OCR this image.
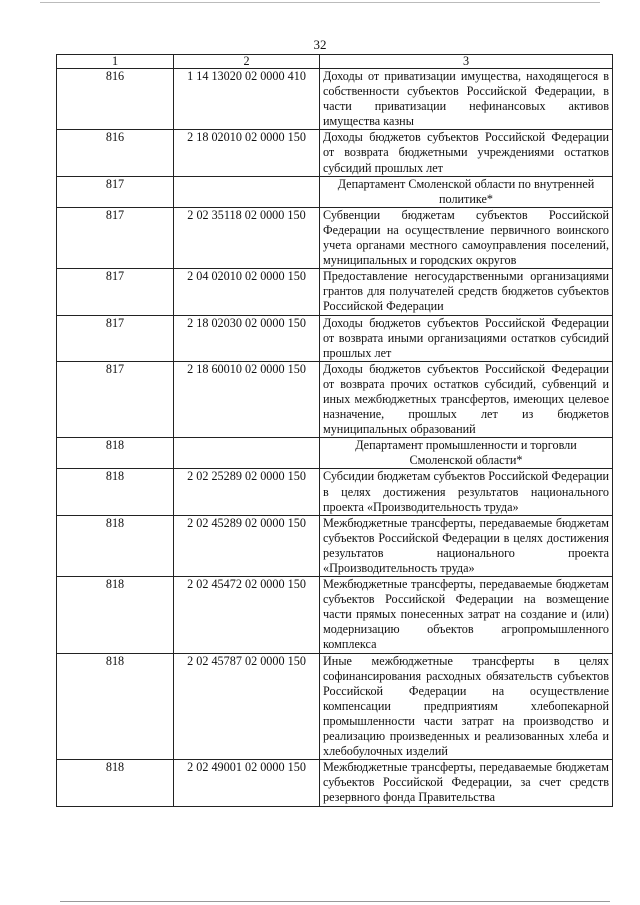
32
1	2	3
816	1 14 13020 02 0000 410	Доходы от приватизации имущества, находящегося в собственности субъектов Российской Федерации, в части приватизации нефинансовых активов имущества казны
816	2 18 02010 02 0000 150	Доходы бюджетов субъектов Российской Федерации от возврата бюджетными учреждениями остатков субсидий прошлых лет
817		Департамент Смоленской области по внутренней политике*
817	2 02 35118 02 0000 150	Субвенции бюджетам субъектов Российской Федерации на осуществление первичного воинского учета органами местного самоуправления поселений, муниципальных и городских округов
817	2 04 02010 02 0000 150	Предоставление негосударственными организациями грантов для получателей средств бюджетов субъектов Российской Федерации
817	2 18 02030 02 0000 150	Доходы бюджетов субъектов Российской Федерации от возврата иными организациями остатков субсидий прошлых лет
817	2 18 60010 02 0000 150	Доходы бюджетов субъектов Российской Федерации от возврата прочих остатков субсидий, субвенций и иных межбюджетных трансфертов, имеющих целевое назначение, прошлых лет из бюджетов муниципальных образований
818		Департамент промышленности и торговли Смоленской области*
818	2 02 25289 02 0000 150	Субсидии бюджетам субъектов Российской Федерации в целях достижения результатов национального проекта «Производительность труда»
818	2 02 45289 02 0000 150	Межбюджетные трансферты, передаваемые бюджетам субъектов Российской Федерации в целях достижения результатов национального проекта «Производительность труда»
818	2 02 45472 02 0000 150	Межбюджетные трансферты, передаваемые бюджетам субъектов Российской Федерации на возмещение части прямых понесенных затрат на создание и (или) модернизацию объектов агропромышленного комплекса
818	2 02 45787 02 0000 150	Иные межбюджетные трансферты в целях софинансирования расходных обязательств субъектов Российской Федерации на осуществление компенсации предприятиям хлебопекарной промышленности части затрат на производство и реализацию произведенных и реализованных хлеба и хлебобулочных изделий
818	2 02 49001 02 0000 150	Межбюджетные трансферты, передаваемые бюджетам субъектов Российской Федерации, за счет средств резервного фонда Правительства
